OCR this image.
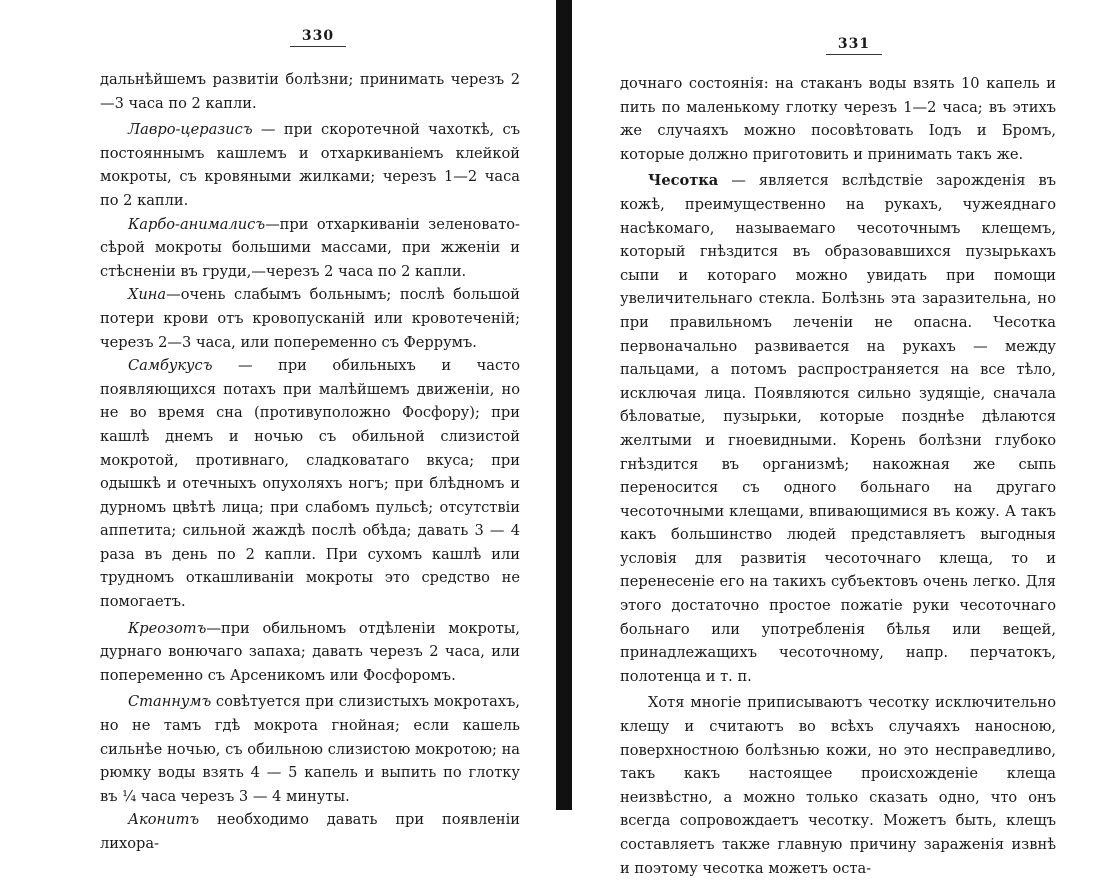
330

дальнѣйшемъ развитіи болѣзни; принимать черезъ 2—3 часа по 2 капли.

Лавро-церазисъ — при скоротечной чахоткѣ, съ постояннымъ кашлемъ и отхаркиваніемъ клейкой мокроты, съ кровяными жилками; черезъ 1—2 часа по 2 капли.

Карбо-анималисъ—при отхаркиваніи зеленовато-сѣрой мокроты большими массами, при жженіи и стѣсненіи въ груди,—черезъ 2 часа по 2 капли.

Хина—очень слабымъ больнымъ; послѣ большой потери крови отъ кровопусканій или кровотеченій; черезъ 2—3 часа, или попеременно съ Феррумъ.

Самбукусъ — при обильныхъ и часто появляющихся потахъ при малѣйшемъ движеніи, но не во время сна (противуположно Фосфору); при кашлѣ днемъ и ночью съ обильной слизистой мокротой, противнаго, сладковатаго вкуса; при одышкѣ и отечныхъ опухоляхъ ногъ; при блѣдномъ и дурномъ цвѣтѣ лица; при слабомъ пульсѣ; отсутствіи аппетита; сильной жаждѣ послѣ обѣда; давать 3 — 4 раза въ день по 2 капли. При сухомъ кашлѣ или трудномъ откашливаніи мокроты это средство не помогаетъ.

Креозотъ—при обильномъ отдѣленіи мокроты, дурнаго вонючаго запаха; давать черезъ 2 часа, или попеременно съ Арсеникомъ или Фосфоромъ.

Станнумъ совѣтуется при слизистыхъ мокротахъ, но не тамъ гдѣ мокрота гнойная; если кашель сильнѣе ночью, съ обильною слизистою мокротою; на рюмку воды взять 4 — 5 капель и выпить по глотку въ ¼ часа черезъ 3 — 4 минуты.

Аконитъ необходимо давать при появленіи лихора-

331

дочнаго состоянія: на стаканъ воды взять 10 капель и пить по маленькому глотку черезъ 1—2 часа; въ этихъ же случаяхъ можно посовѣтовать Іодъ и Бромъ, которые должно приготовить и принимать такъ же.

Чесотка — является вслѣдствіе зарожденія въ кожѣ, преимущественно на рукахъ, чужеяднаго насѣкомаго, называемаго чесоточнымъ клещемъ, который гнѣздится въ образовавшихся пузырькахъ сыпи и котораго можно увидать при помощи увеличительнаго стекла. Болѣзнь эта заразительна, но при правильномъ леченіи не опасна. Чесотка первоначально развивается на рукахъ — между пальцами, а потомъ распространяется на все тѣло, исключая лица. Появляются сильно зудящіе, сначала бѣловатые, пузырьки, которые позднѣе дѣлаются желтыми и гноевидными. Корень болѣзни глубоко гнѣздится въ организмѣ; накожная же сыпь переносится съ одного больнаго на другаго чесоточными клещами, впивающимися въ кожу. А такъ какъ большинство людей представляетъ выгодныя условія для развитія чесоточнаго клеща, то и перенесеніе его на такихъ субъектовъ очень легко. Для этого достаточно простое пожатіе руки чесоточнаго больнаго или употребленія бѣлья или вещей, принадлежащихъ чесоточному, напр. перчатокъ, полотенца и т. п.

Хотя многіе приписываютъ чесотку исключительно клещу и считаютъ во всѣхъ случаяхъ наносною, поверхностною болѣзнью кожи, но это несправедливо, такъ какъ настоящее происхожденіе клеща неизвѣстно, а можно только сказать одно, что онъ всегда сопровождаетъ чесотку. Можетъ быть, клещъ составляетъ также главную причину зараженія извнѣ и поэтому чесотка можетъ оста-
